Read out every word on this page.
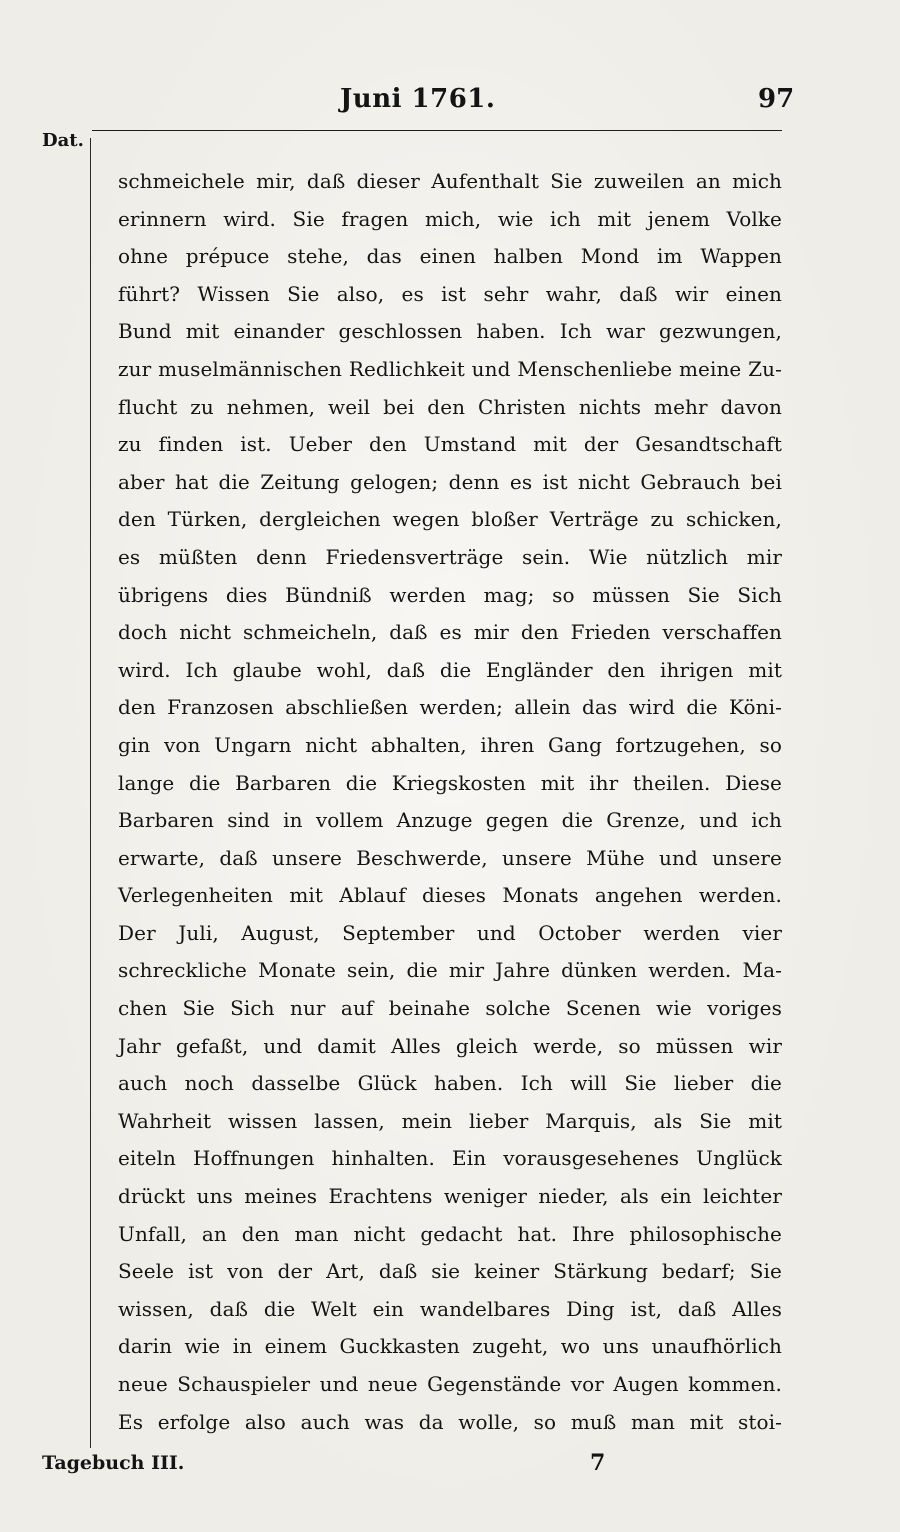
Juni 1761.	97
Dat.
schmeichele mir, daß dieser Aufenthalt Sie zuweilen an mich
erinnern wird. Sie fragen mich, wie ich mit jenem Volke
ohne prépuce stehe, das einen halben Mond im Wappen
führt? Wissen Sie also, es ist sehr wahr, daß wir einen
Bund mit einander geschlossen haben. Ich war gezwungen,
zur muselmännischen Redlichkeit und Menschenliebe meine Zu-
flucht zu nehmen, weil bei den Christen nichts mehr davon
zu finden ist. Ueber den Umstand mit der Gesandtschaft
aber hat die Zeitung gelogen; denn es ist nicht Gebrauch bei
den Türken, dergleichen wegen bloßer Verträge zu schicken,
es müßten denn Friedensverträge sein. Wie nützlich mir
übrigens dies Bündniß werden mag; so müssen Sie Sich
doch nicht schmeicheln, daß es mir den Frieden verschaffen
wird. Ich glaube wohl, daß die Engländer den ihrigen mit
den Franzosen abschließen werden; allein das wird die Köni-
gin von Ungarn nicht abhalten, ihren Gang fortzugehen, so
lange die Barbaren die Kriegskosten mit ihr theilen. Diese
Barbaren sind in vollem Anzuge gegen die Grenze, und ich
erwarte, daß unsere Beschwerde, unsere Mühe und unsere
Verlegenheiten mit Ablauf dieses Monats angehen werden.
Der Juli, August, September und October werden vier
schreckliche Monate sein, die mir Jahre dünken werden. Ma-
chen Sie Sich nur auf beinahe solche Scenen wie voriges
Jahr gefaßt, und damit Alles gleich werde, so müssen wir
auch noch dasselbe Glück haben. Ich will Sie lieber die
Wahrheit wissen lassen, mein lieber Marquis, als Sie mit
eiteln Hoffnungen hinhalten. Ein vorausgesehenes Unglück
drückt uns meines Erachtens weniger nieder, als ein leichter
Unfall, an den man nicht gedacht hat. Ihre philosophische
Seele ist von der Art, daß sie keiner Stärkung bedarf; Sie
wissen, daß die Welt ein wandelbares Ding ist, daß Alles
darin wie in einem Guckkasten zugeht, wo uns unaufhörlich
neue Schauspieler und neue Gegenstände vor Augen kommen.
Es erfolge also auch was da wolle, so muß man mit stoi-
Tagebuch III.	7
